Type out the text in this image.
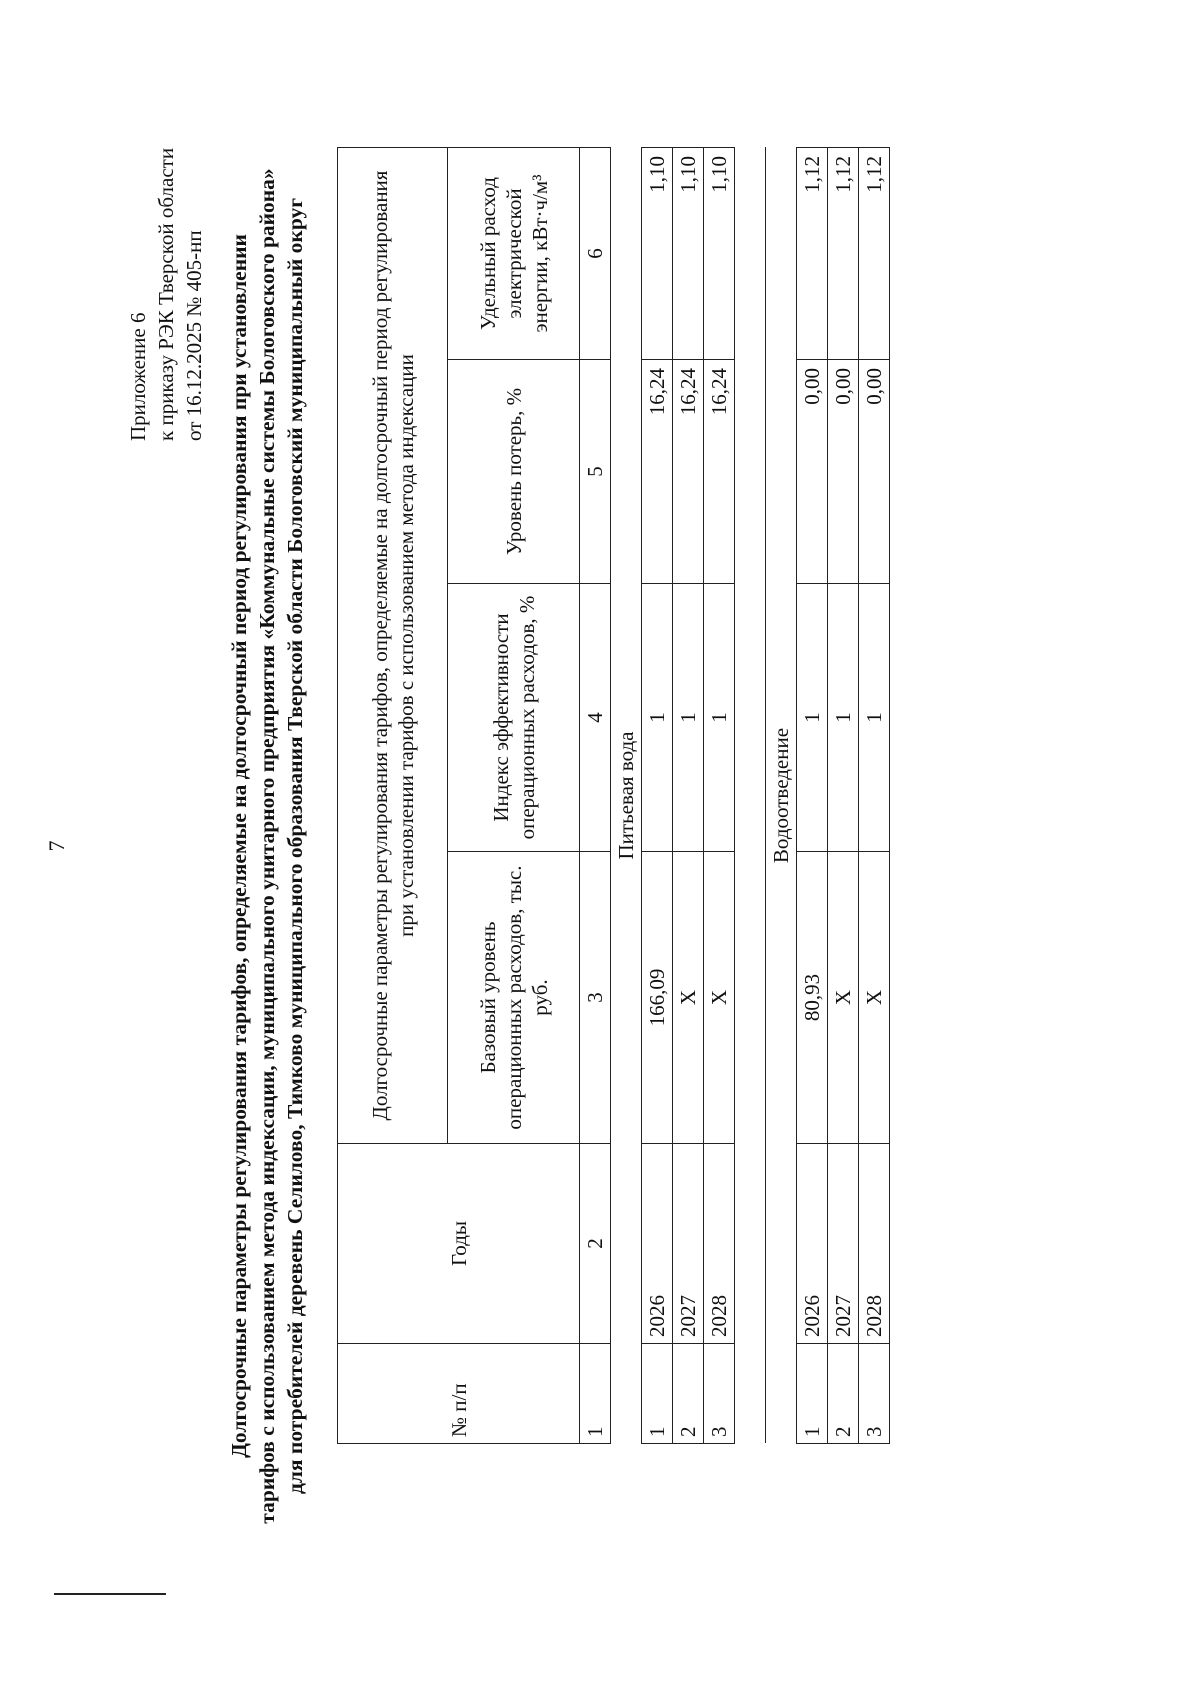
7
Приложение 6 к приказу РЭК Тверской области от 16.12.2025 № 405-нп Долгосрочные параметры регулирования тарифов, определяемые на долгосрочный период регулирования при установлении тарифов с использованием метода индексации, муниципального унитарного предприятия «Коммунальные системы Бологовского района» для потребителей деревень Селилово, Тимково муниципального образования Тверской области Бологовский муниципальный округ	№ п/п	Годы	Долгосрочные параметры регулирования тарифов, определяемые на долгосрочный период регулирования при установлении тарифов с использованием метода индексации			
		Базовый уровень операционных расходов, тыс. руб.	Индекс эффективности операционных расходов, %	Уровень потерь, %	Удельный расход электрической энергии, кВт·ч/м³
1	2	3	4	5	6
Питьевая вода					
1	2026	166,09	1	16,24	1,10
2	2027	X	1	16,24	1,10
3	2028	X	1	16,24	1,10

Водоотведение					
1	2026	80,93	1	0,00	1,12
2	2027	X	1	0,00	1,12
3	2028	X	1	0,00	1,12
